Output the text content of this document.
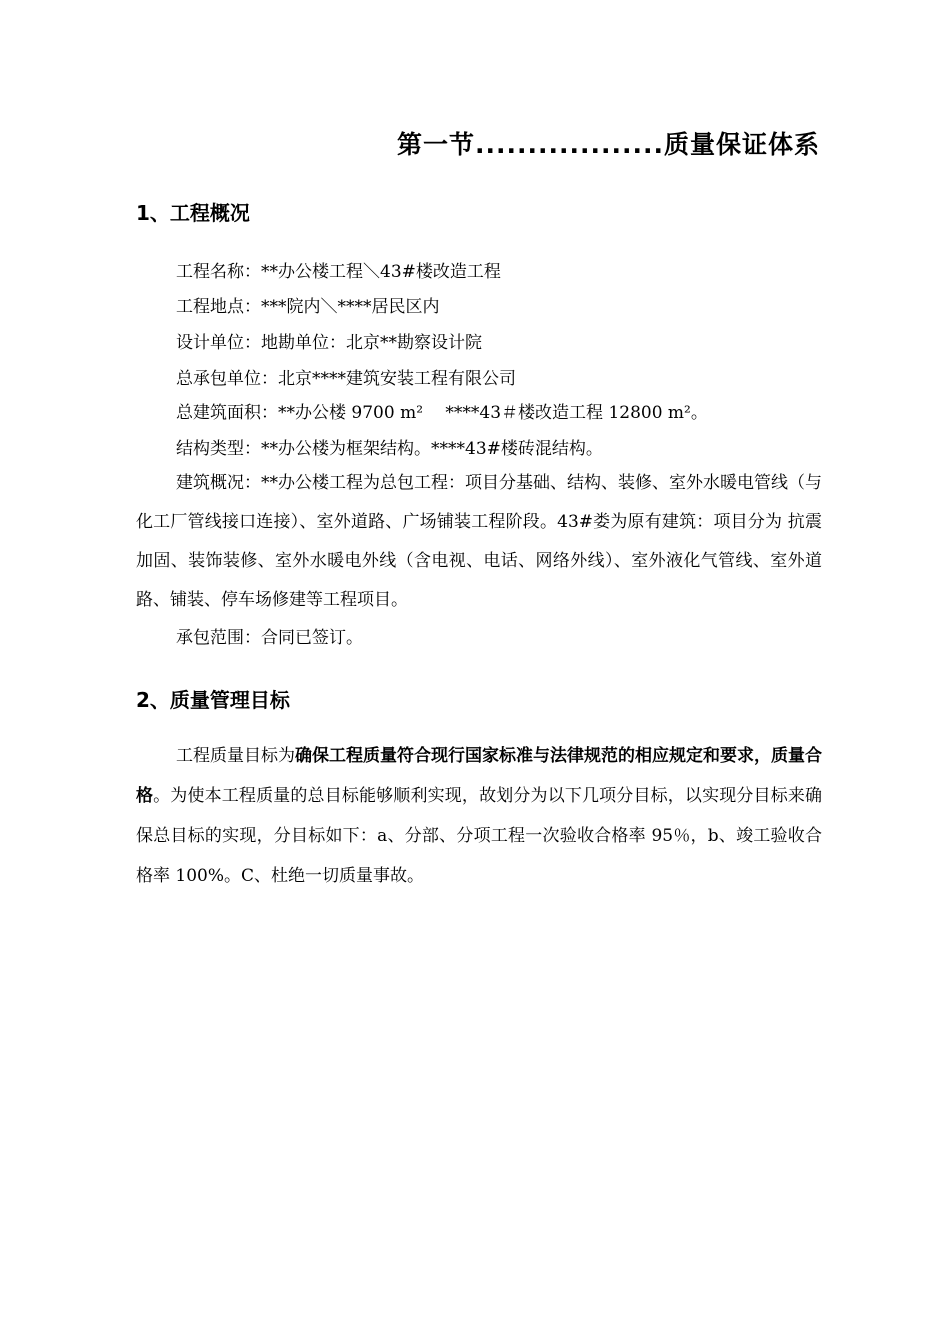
第一节..................质量保证体系
1、工程概况
工程名称：**办公楼工程＼43#楼改造工程
工程地点：***院内＼****居民区内
设计单位：地勘单位：北京**勘察设计院
总承包单位：北京****建筑安装工程有限公司
总建筑面积：**办公楼 9700 m²　 ****43＃楼改造工程 12800 m²。
结构类型：**办公楼为框架结构。****43#楼砖混结构。

建筑概况：**办公楼工程为总包工程：项目分基础、结构、装修、室外水暖电管线（与化工厂管线接口连接）、室外道路、广场铺装工程阶段。43#娄为原有建筑：项目分为 抗震加固、装饰装修、室外水暖电外线（含电视、电话、网络外线）、室外液化气管线、室外道路、铺装、停车场修建等工程项目。

承包范围：合同已签订。
2、质量管理目标

工程质量目标为确保工程质量符合现行国家标准与法律规范的相应规定和要求，质量合格。为使本工程质量的总目标能够顺利实现，故划分为以下几项分目标，以实现分目标来确保总目标的实现，分目标如下：a、分部、分项工程一次验收合格率 95％，b、竣工验收合格率 100%。C、杜绝一切质量事故。
